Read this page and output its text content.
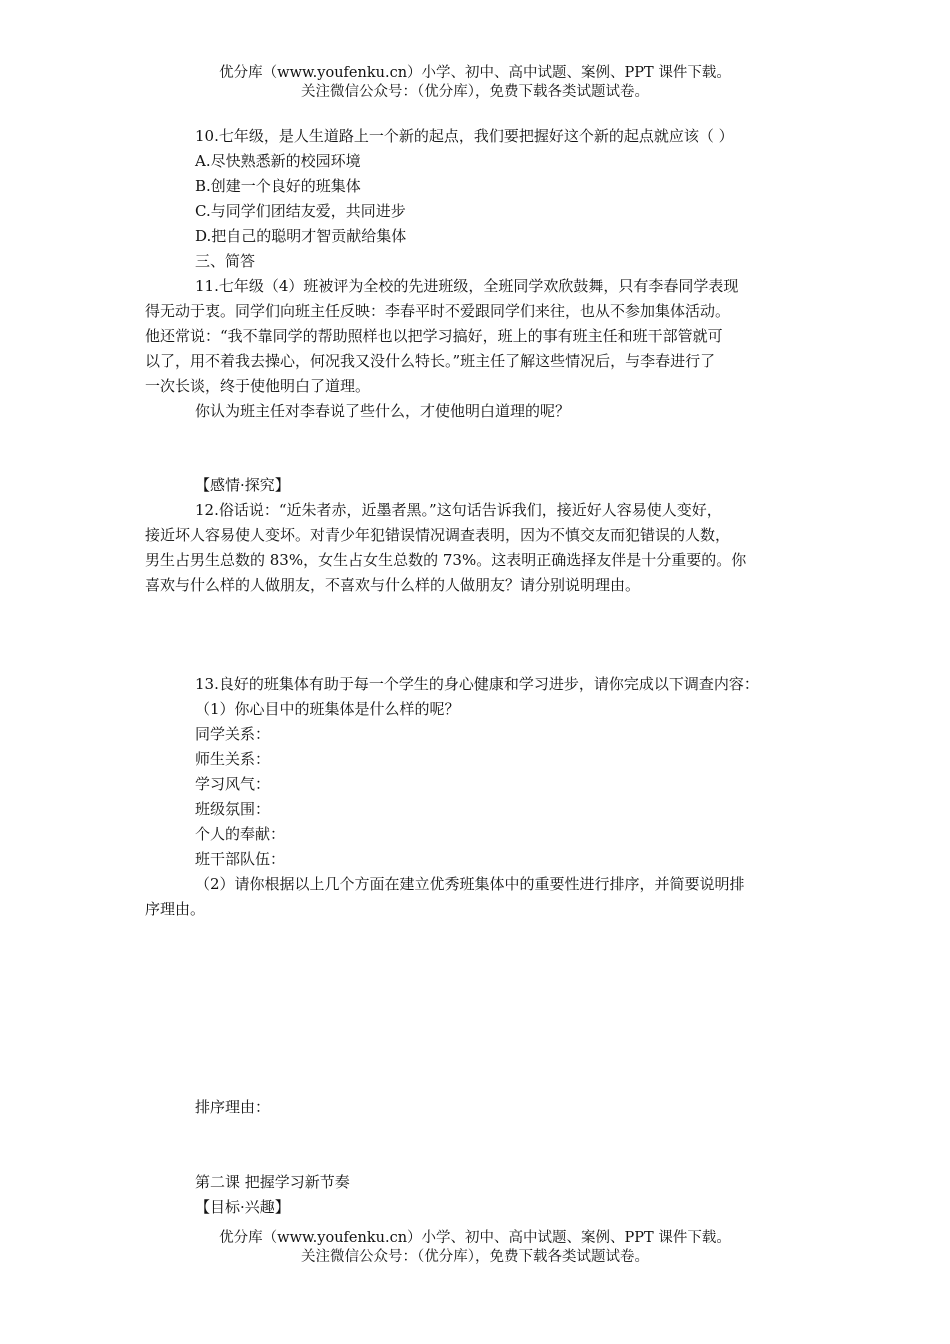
优分库（www.youfenku.cn）小学、初中、高中试题、案例、PPT 课件下载。
关注微信公众号：（优分库），免费下载各类试题试卷。
10.七年级，是人生道路上一个新的起点，我们要把握好这个新的起点就应该（ ）
A.尽快熟悉新的校园环境
B.创建一个良好的班集体
C.与同学们团结友爱，共同进步
D.把自己的聪明才智贡献给集体
三、简答
11.七年级（4）班被评为全校的先进班级，全班同学欢欣鼓舞，只有李春同学表现
得无动于衷。同学们向班主任反映：李春平时不爱跟同学们来往，也从不参加集体活动。
他还常说：“我不靠同学的帮助照样也以把学习搞好，班上的事有班主任和班干部管就可
以了，用不着我去操心，何况我又没什么特长。”班主任了解这些情况后，与李春进行了
一次长谈，终于使他明白了道理。
你认为班主任对李春说了些什么，才使他明白道理的呢？
【感情·探究】
12.俗话说：“近朱者赤，近墨者黑。”这句话告诉我们，接近好人容易使人变好，
接近坏人容易使人变坏。对青少年犯错误情况调查表明，因为不慎交友而犯错误的人数，
男生占男生总数的 83%，女生占女生总数的 73%。这表明正确选择友伴是十分重要的。你
喜欢与什么样的人做朋友，不喜欢与什么样的人做朋友？请分别说明理由。
13.良好的班集体有助于每一个学生的身心健康和学习进步，请你完成以下调查内容：
（1）你心目中的班集体是什么样的呢？
同学关系：
师生关系：
学习风气：
班级氛围：
个人的奉献：
班干部队伍：
（2）请你根据以上几个方面在建立优秀班集体中的重要性进行排序，并简要说明排
序理由。
排序理由：
第二课 把握学习新节奏
【目标·兴趣】
优分库（www.youfenku.cn）小学、初中、高中试题、案例、PPT 课件下载。
关注微信公众号：（优分库），免费下载各类试题试卷。
